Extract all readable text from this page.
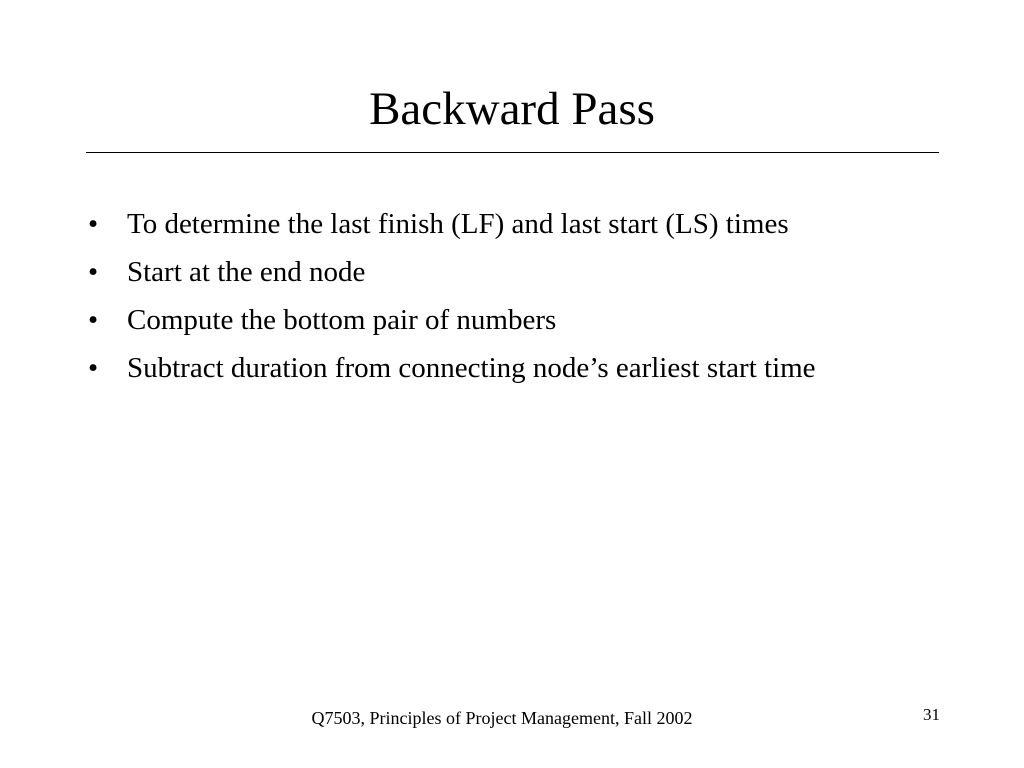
Backward Pass
• To determine the last finish (LF) and last start (LS) times
• Start at the end node
• Compute the bottom pair of numbers
• Subtract duration from connecting node’s earliest start time
Q7503, Principles of Project Management, Fall 2002	31
